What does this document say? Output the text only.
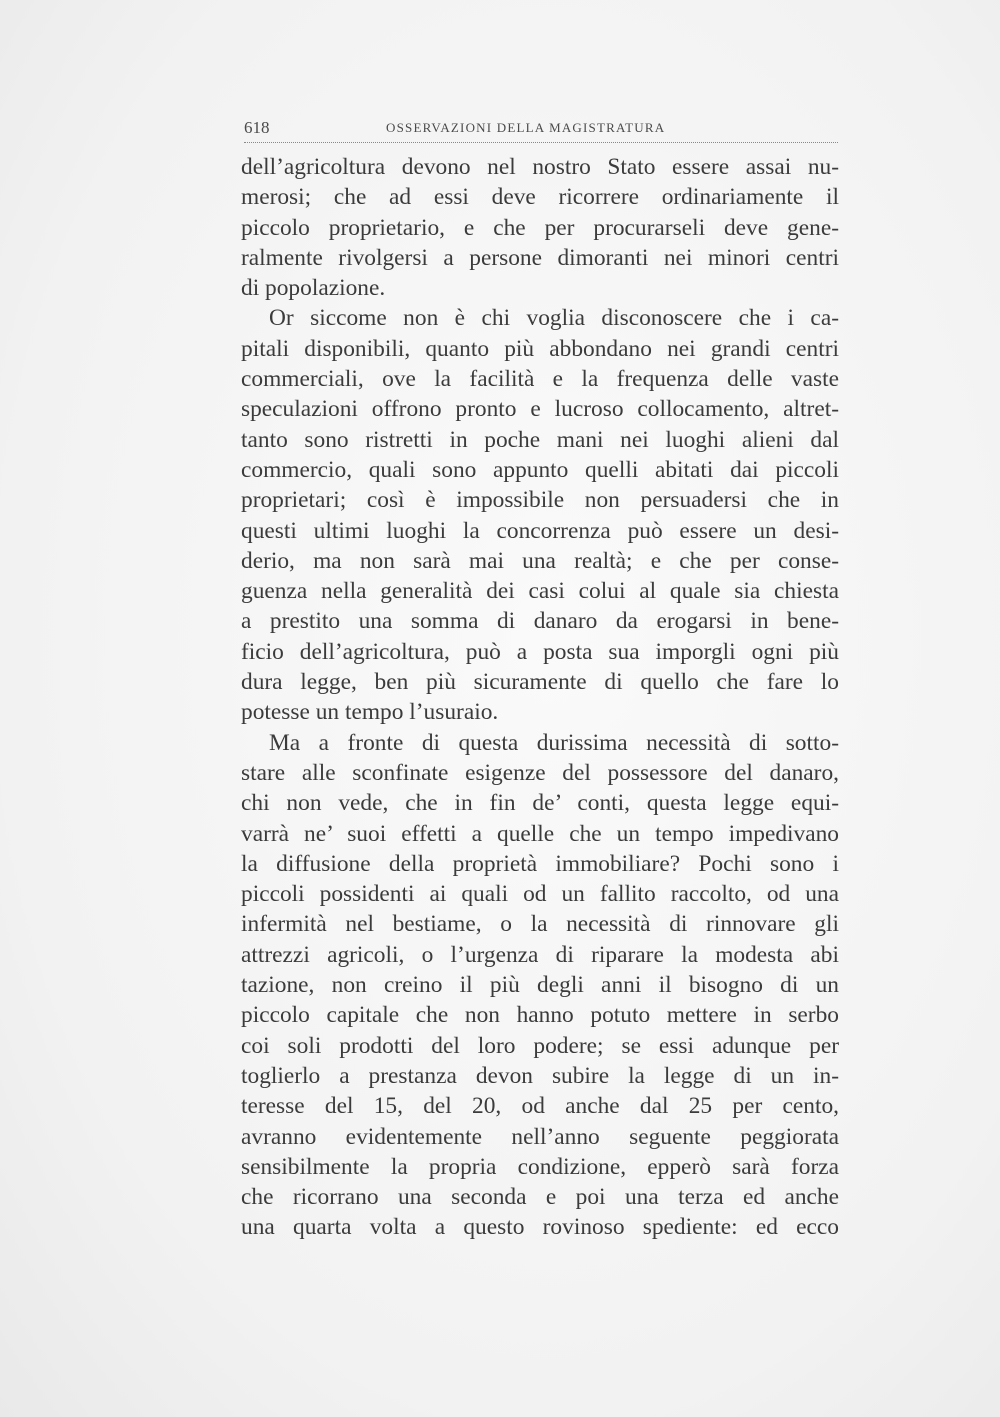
618	OSSERVAZIONI DELLA MAGISTRATURA
dell’agricoltura devono nel nostro Stato essere assai nu-
merosi; che ad essi deve ricorrere ordinariamente il
piccolo proprietario, e che per procurarseli deve gene-
ralmente rivolgersi a persone dimoranti nei minori centri
di popolazione.
Or siccome non è chi voglia disconoscere che i ca-
pitali disponibili, quanto più abbondano nei grandi centri
commerciali, ove la facilità e la frequenza delle vaste
speculazioni offrono pronto e lucroso collocamento, altret-
tanto sono ristretti in poche mani nei luoghi alieni dal
commercio, quali sono appunto quelli abitati dai piccoli
proprietari; così è impossibile non persuadersi che in
questi ultimi luoghi la concorrenza può essere un desi-
derio, ma non sarà mai una realtà; e che per conse-
guenza nella generalità dei casi colui al quale sia chiesta
a prestito una somma di danaro da erogarsi in bene-
ficio dell’agricoltura, può a posta sua imporgli ogni più
dura legge, ben più sicuramente di quello che fare lo
potesse un tempo l’usuraio.
Ma a fronte di questa durissima necessità di sotto-
stare alle sconfinate esigenze del possessore del danaro,
chi non vede, che in fin de’ conti, questa legge equi-
varrà ne’ suoi effetti a quelle che un tempo impedivano
la diffusione della proprietà immobiliare? Pochi sono i
piccoli possidenti ai quali od un fallito raccolto, od una
infermità nel bestiame, o la necessità di rinnovare gli
attrezzi agricoli, o l’urgenza di riparare la modesta abi
tazione, non creino il più degli anni il bisogno di un
piccolo capitale che non hanno potuto mettere in serbo
coi soli prodotti del loro podere; se essi adunque per
toglierlo a prestanza devon subire la legge di un in-
teresse del 15, del 20, od anche dal 25 per cento,
avranno evidentemente nell’anno seguente peggiorata
sensibilmente la propria condizione, epperò sarà forza
che ricorrano una seconda e poi una terza ed anche
una quarta volta a questo rovinoso spediente: ed ecco
